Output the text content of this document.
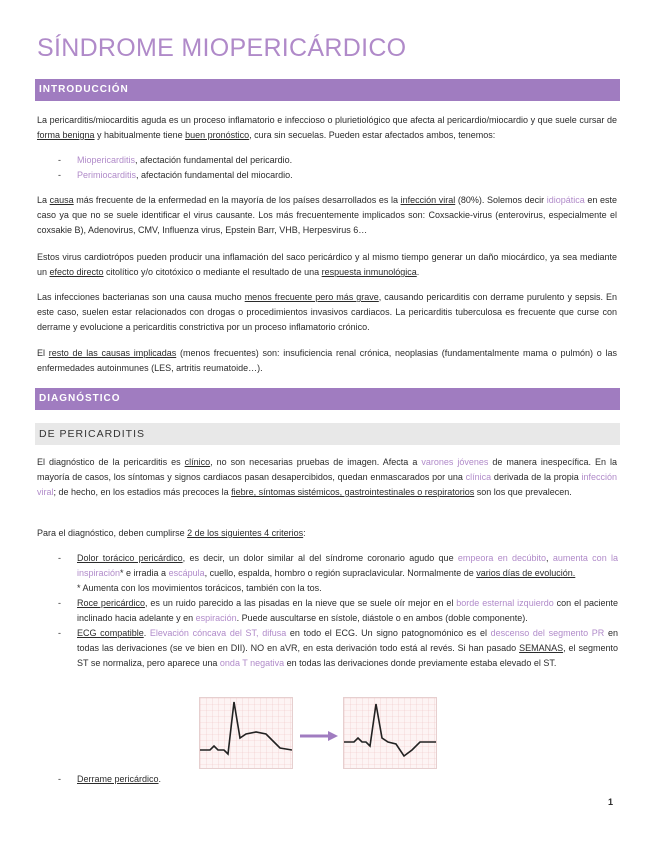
SÍNDROME MIOPERICÁRDICO
INTRODUCCIÓN

La pericarditis/miocarditis aguda es un proceso inflamatorio e infeccioso o plurietiológico que afecta al pericardio/miocardio y que suele cursar de forma benigna y habitualmente tiene buen pronóstico, cura sin secuelas. Pueden estar afectados ambos, tenemos:

- Miopericarditis, afectación fundamental del pericardio.
- Perimiocarditis, afectación fundamental del miocardio.

La causa más frecuente de la enfermedad en la mayoría de los países desarrollados es la infección viral (80%). Solemos decir idiopática en este caso ya que no se suele identificar el virus causante. Los más frecuentemente implicados son: Coxsackie-virus (enterovirus, especialmente el coxsakie B), Adenovirus, CMV, Influenza virus, Epstein Barr, VHB, Herpesvirus 6…

Estos virus cardiotrópos pueden producir una inflamación del saco pericárdico y al mismo tiempo generar un daño miocárdico, ya sea mediante un efecto directo citolítico y/o citotóxico o mediante el resultado de una respuesta inmunológica.

Las infecciones bacterianas son una causa mucho menos frecuente pero más grave, causando pericarditis con derrame purulento y sepsis. En este caso, suelen estar relacionados con drogas o procedimientos invasivos cardiacos. La pericarditis tuberculosa es frecuente que curse con derrame y evolucione a pericarditis constrictiva por un proceso inflamatorio crónico.

El resto de las causas implicadas (menos frecuentes) son: insuficiencia renal crónica, neoplasias (fundamentalmente mama o pulmón) o las enfermedades autoinmunes (LES, artritis reumatoide…).

DIAGNÓSTICO
DE PERICARDITIS

El diagnóstico de la pericarditis es clínico, no son necesarias pruebas de imagen. Afecta a varones jóvenes de manera inespecífica. En la mayoría de casos, los síntomas y signos cardiacos pasan desapercibidos, quedan enmascarados por una clínica derivada de la propia infección viral; de hecho, en los estadios más precoces la fiebre, síntomas sistémicos, gastrointestinales o respiratorios son los que prevalecen.

Para el diagnóstico, deben cumplirse 2 de los siguientes 4 criterios:

- Dolor torácico pericárdico, es decir, un dolor similar al del síndrome coronario agudo que empeora en decúbito, aumenta con la inspiración* e irradia a escápula, cuello, espalda, hombro o región supraclavicular. Normalmente de varios días de evolución.
* Aumenta con los movimientos torácicos, también con la tos.
- Roce pericárdico, es un ruido parecido a las pisadas en la nieve que se suele oír mejor en el borde esternal izquierdo con el paciente inclinado hacia adelante y en espiración. Puede auscultarse en sístole, diástole o en ambos (doble componente).
- ECG compatible. Elevación cóncava del ST, difusa en todo el ECG. Un signo patognomónico es el descenso del segmento PR en todas las derivaciones (se ve bien en DII). NO en aVR, en esta derivación todo está al revés. Si han pasado SEMANAS, el segmento ST se normaliza, pero aparece una onda T negativa en todas las derivaciones donde previamente estaba elevado el ST.
- Derrame pericárdico.
1
